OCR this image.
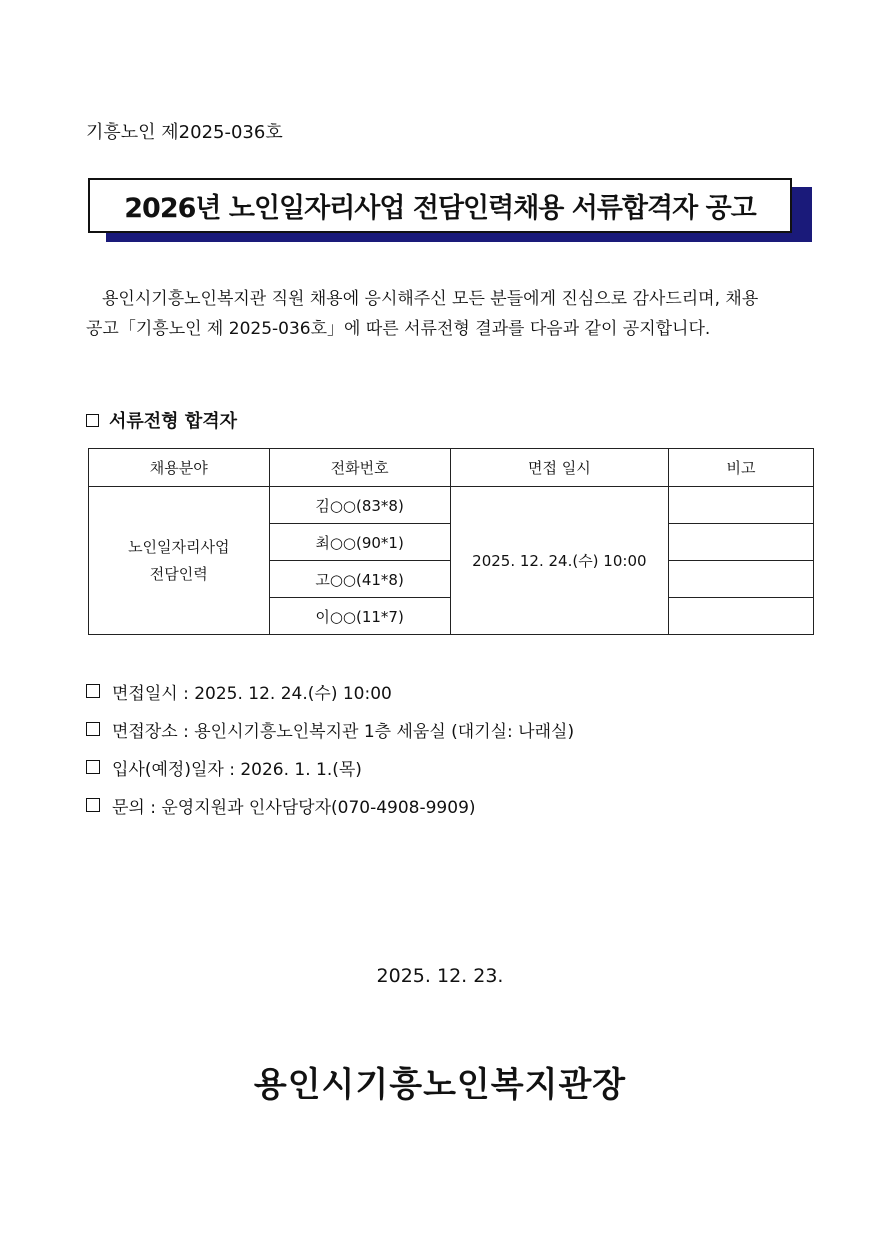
기흥노인 제2025-036호
2026년 노인일자리사업 전담인력채용 서류합격자 공고
용인시기흥노인복지관 직원 채용에 응시해주신 모든 분들에게 진심으로 감사드리며, 채용
공고「기흥노인 제 2025-036호」에 따른 서류전형 결과를 다음과 같이 공지합니다.
서류전형 합격자
채용분야	전화번호	면접 일시	비고

노인일자리사업
전담인력	김○○(83*8)	2025. 12. 24.(수) 10:00	
	최○○(90*1)		
	고○○(41*8)		
	이○○(11*7)		
면접일시 : 2025. 12. 24.(수) 10:00
면접장소 : 용인시기흥노인복지관 1층 세움실 (대기실: 나래실)
입사(예정)일자 : 2026. 1. 1.(목)
문의 : 운영지원과 인사담당자(070-4908-9909)
2025. 12. 23.
용인시기흥노인복지관장
